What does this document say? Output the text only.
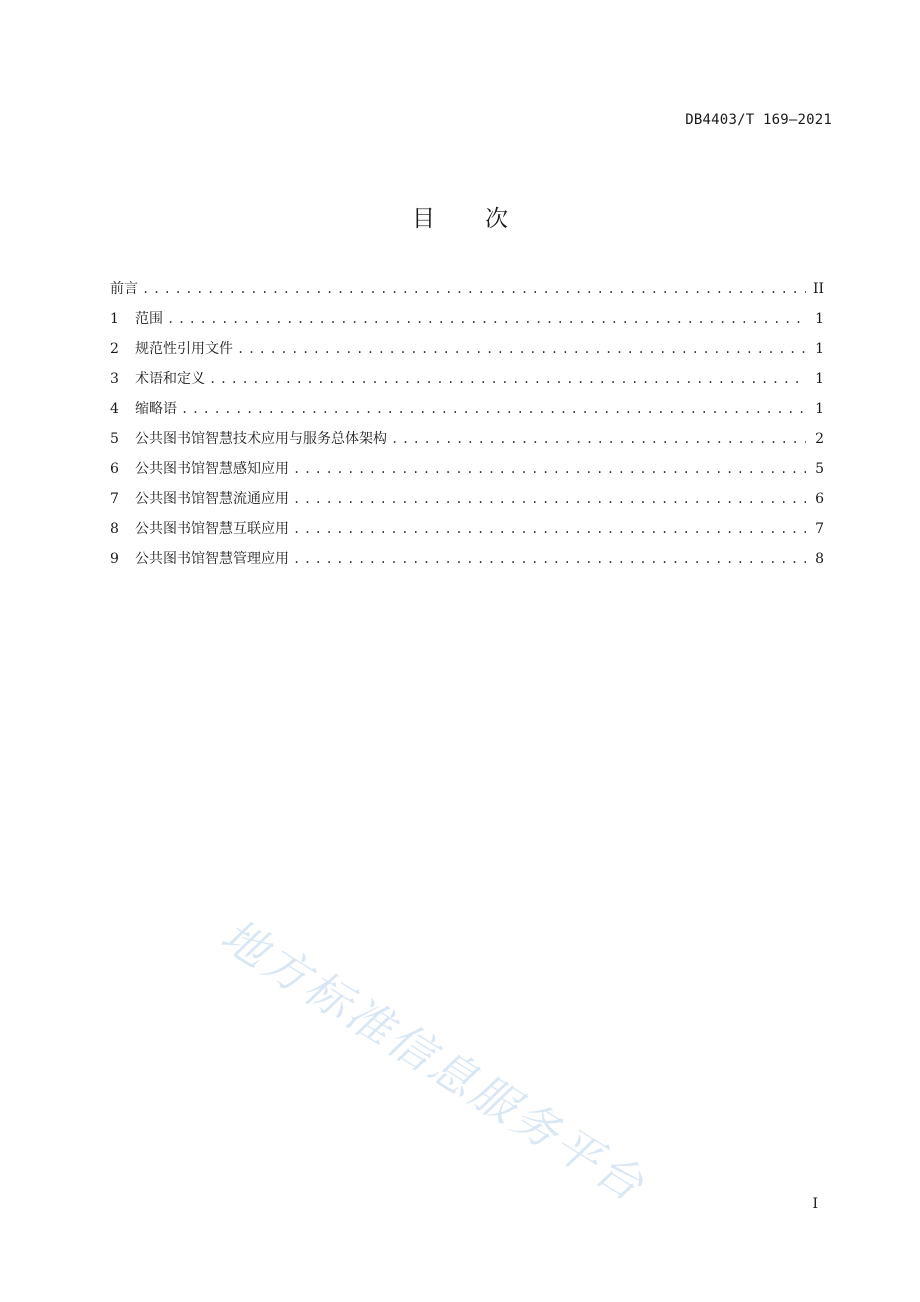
DB4403/T 169—2021
目次
前言 .....	II
1	范围 .....	1
2	规范性引用文件 .....	1
3	术语和定义 .....	1
4	缩略语 .....	1
5	公共图书馆智慧技术应用与服务总体架构 .....	2
6	公共图书馆智慧感知应用 .....	5
7	公共图书馆智慧流通应用 .....	6
8	公共图书馆智慧互联应用 .....	7
9	公共图书馆智慧管理应用 .....	8
地方标准信息服务平台	I
